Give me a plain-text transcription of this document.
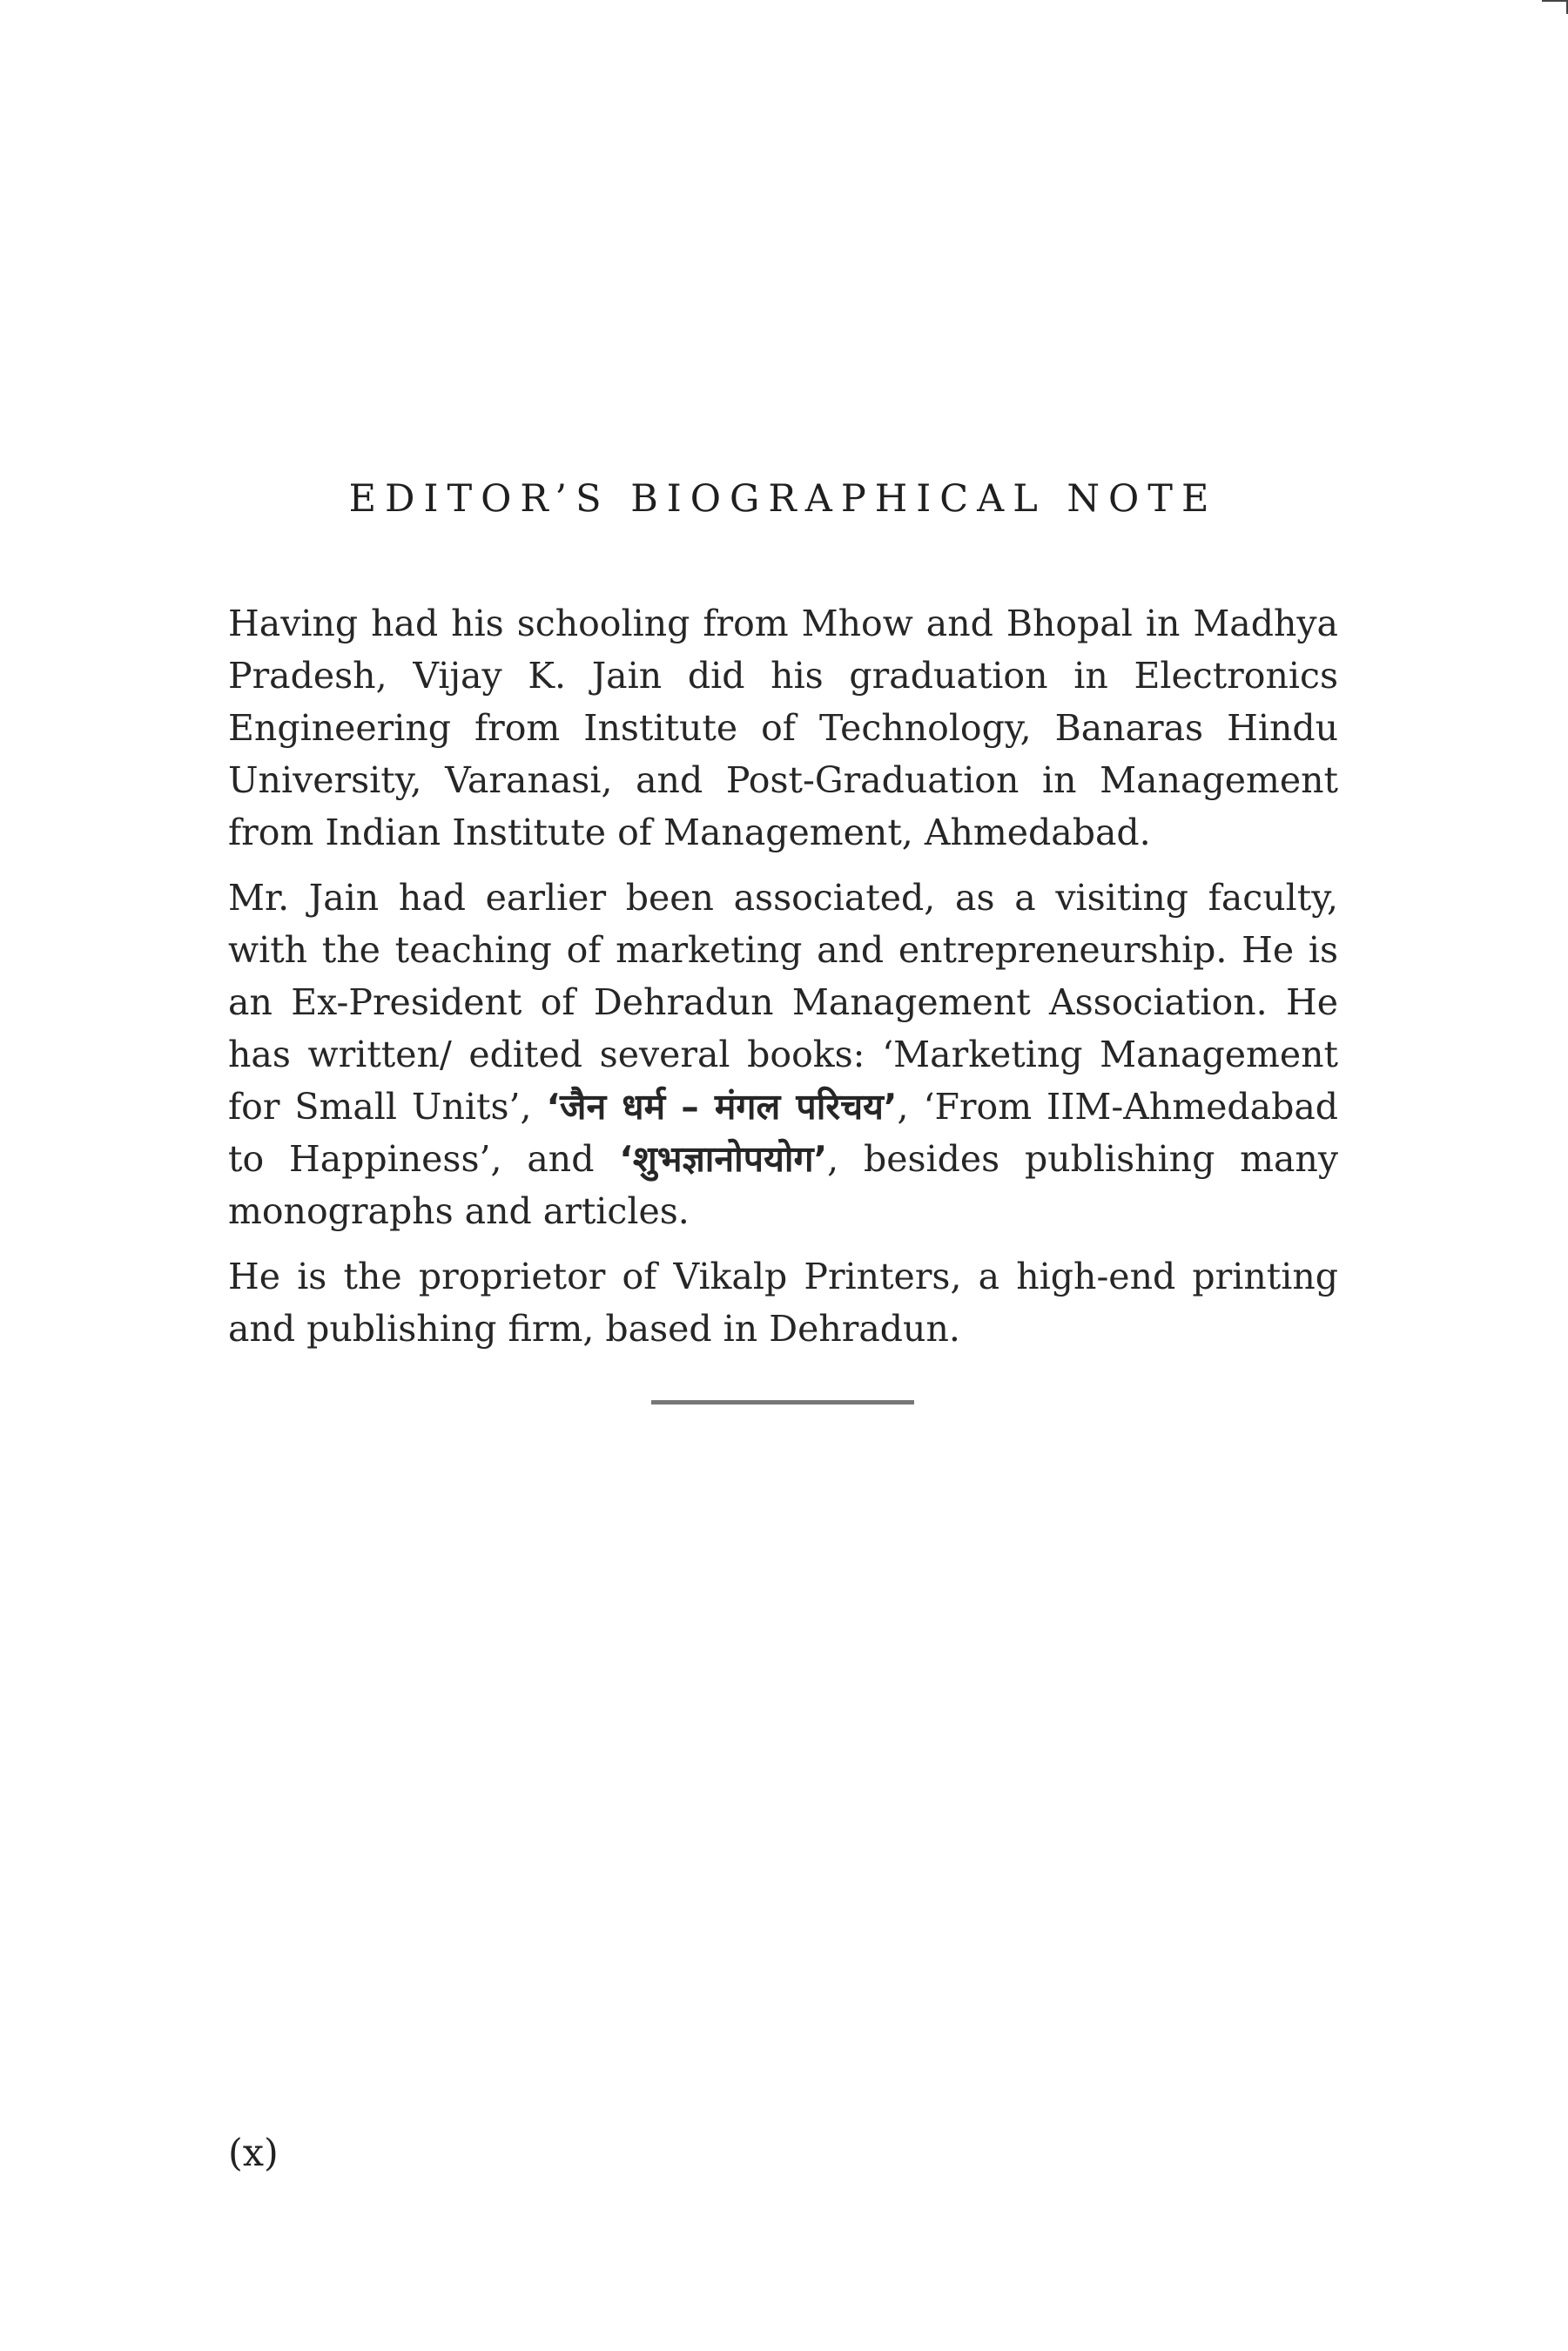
EDITOR’S BIOGRAPHICAL NOTE

Having had his schooling from Mhow and Bhopal in Madhya Pradesh, Vijay K. Jain did his graduation in Electronics Engineering from Institute of Technology, Banaras Hindu University, Varanasi, and Post-Graduation in Management from Indian Institute of Management, Ahmedabad.

Mr. Jain had earlier been associated, as a visiting faculty, with the teaching of marketing and entrepreneurship. He is an Ex-President of Dehradun Management Association. He has written/ edited several books: ‘Marketing Management for Small Units’, ‘जैन धर्म – मंगल परिचय’, ‘From IIM-Ahmedabad to Happiness’, and ‘शुभज्ञानोपयोग’, besides publishing many monographs and articles.

He is the proprietor of Vikalp Printers, a high-end printing and publishing firm, based in Dehradun.

(x)
